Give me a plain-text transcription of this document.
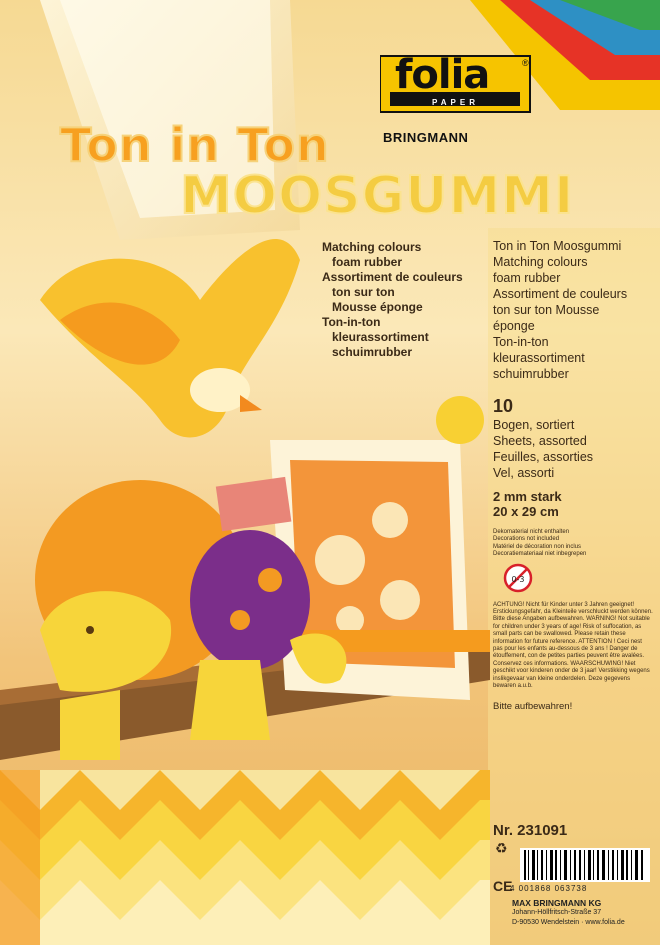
folia	®
PAPER
BRINGMANN
Ton in Ton
MOOSGUMMI
Matching colours
foam rubber
Assortiment de couleurs
ton sur ton
Mousse éponge
Ton-in-ton
kleurassortiment
schuimrubber
Ton in Ton Moosgummi
Matching colours
foam rubber
Assortiment de couleurs
ton sur ton Mousse
éponge
Ton-in-ton
kleurassortiment
schuimrubber
10
Bogen, sortiert
Sheets, assorted
Feuilles, assorties
Vel, assorti
2 mm stark
20 x 29 cm
Dekomaterial nicht enthalten
Decorations not included
Matériel de décoration non inclus
Decoratiemateriaal niet inbegrepen
0-3
ACHTUNG! Nicht für Kinder unter 3 Jahren geeignet! Erstickungsgefahr, da Kleinteile verschluckt werden können. Bitte diese Angaben aufbewahren. WARNING! Not suitable for children under 3 years of age! Risk of suffocation, as small parts can be swallowed. Please retain these information for future reference. ATTENTION ! Ceci nest pas pour les enfants au-dessous de 3 ans ! Danger de étouffement, con de petites parties peuvent être avalées. Conservez ces informations. WAARSCHUWING! Niet geschikt voor kinderen onder de 3 jaar! Verstikking wegens inslikgevaar van kleine onderdelen. Deze gegevens bewaren a.u.b.
Bitte aufbewahren!
Nr. 231091
♻
4 001868 063738
CE
MAX BRINGMANN KG
Johann-Höllfritsch-Straße 37
D-90530 Wendelstein · www.folia.de
